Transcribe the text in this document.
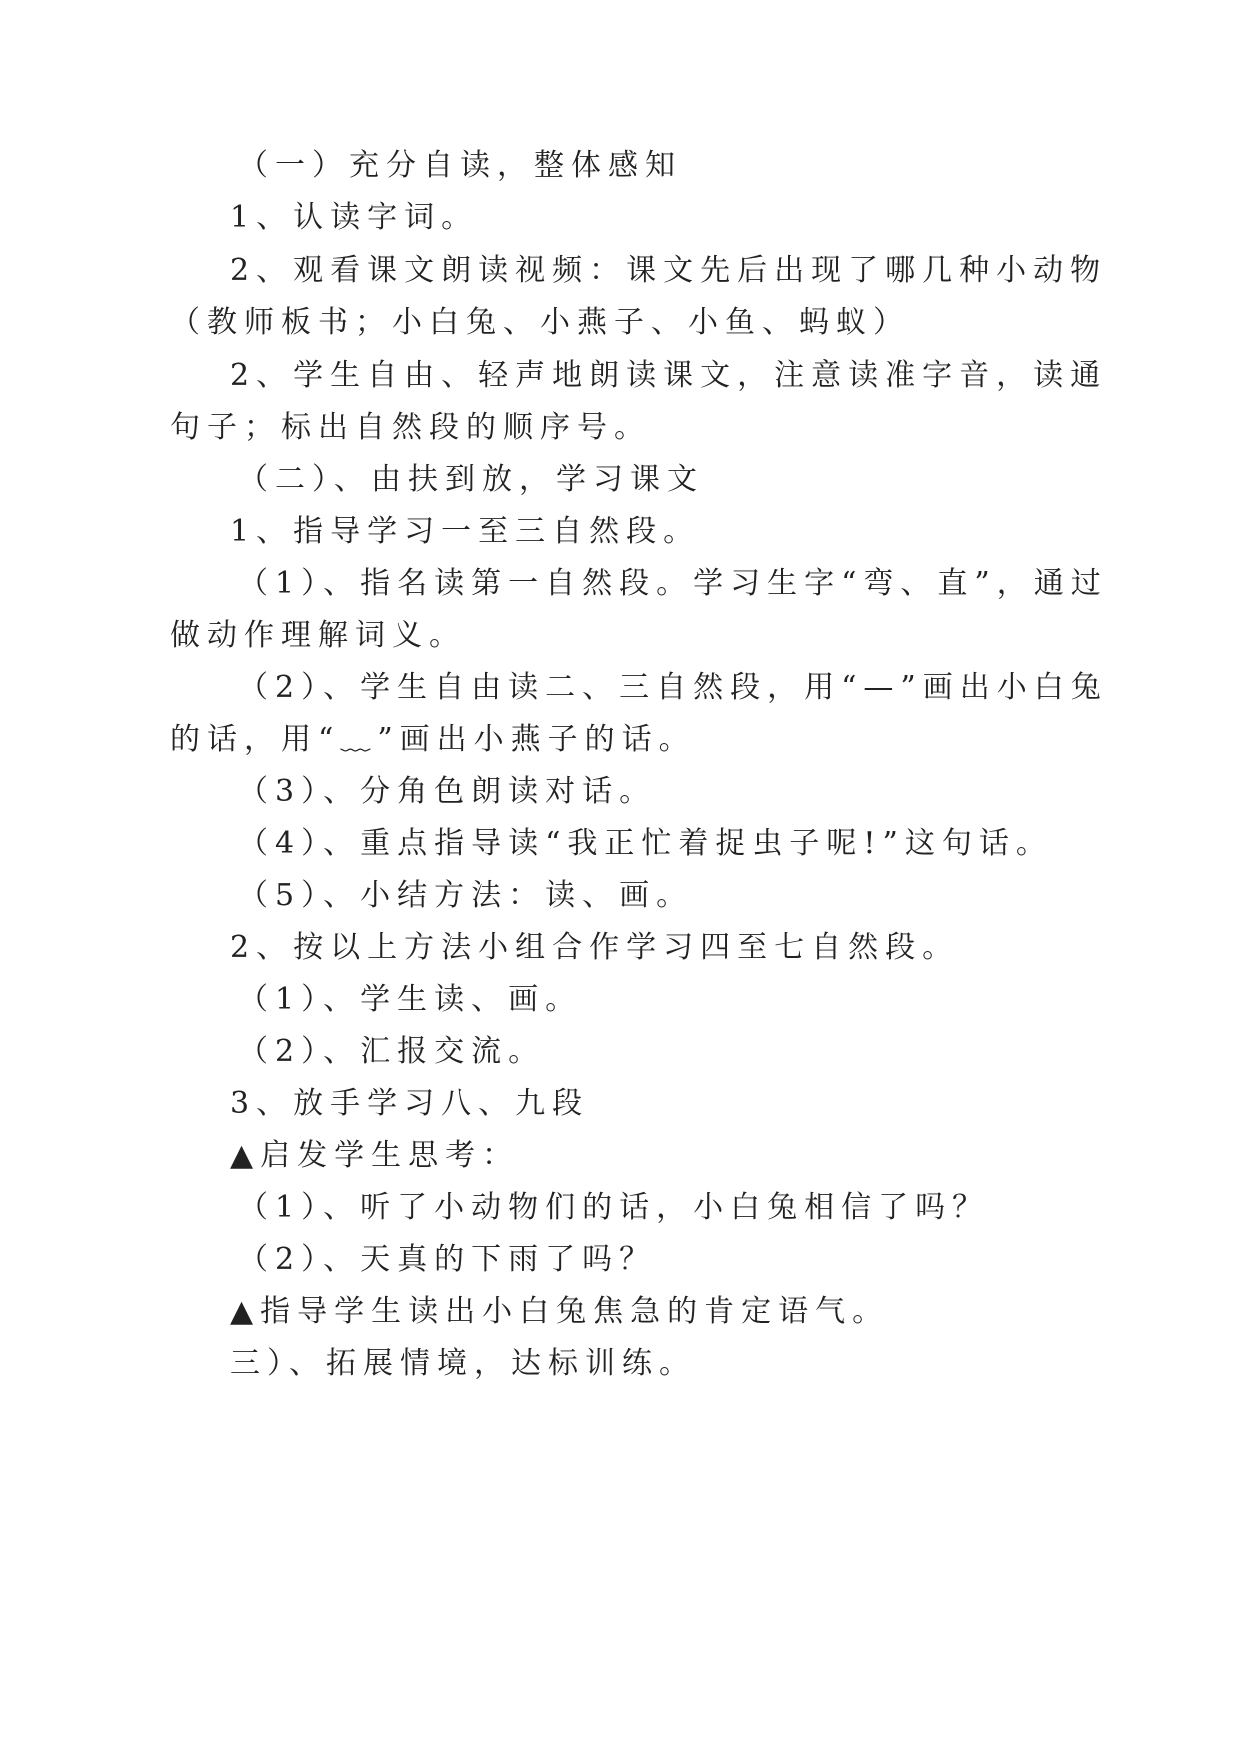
（一）充分自读，整体感知
1、认读字词。
2、观看课文朗读视频：课文先后出现了哪几种小动物
（教师板书；小白兔、小燕子、小鱼、蚂蚁）
2、学生自由、轻声地朗读课文，注意读准字音，读通
句子；标出自然段的顺序号。
（二）、由扶到放，学习课文
1、指导学习一至三自然段。
（1）、指名读第一自然段。学习生字“弯、直”，通过
做动作理解词义。
（2）、学生自由读二、三自然段，用“—”画出小白兔
的话，用“﹏”画出小燕子的话。
（3）、分角色朗读对话。
（4）、重点指导读“我正忙着捉虫子呢!”这句话。
（5）、小结方法：读、画。
2、按以上方法小组合作学习四至七自然段。
（1）、学生读、画。
（2）、汇报交流。
3、放手学习八、九段
▲启发学生思考：
（1）、听了小动物们的话，小白兔相信了吗？
（2）、天真的下雨了吗？
▲指导学生读出小白兔焦急的肯定语气。
三）、拓展情境，达标训练。
